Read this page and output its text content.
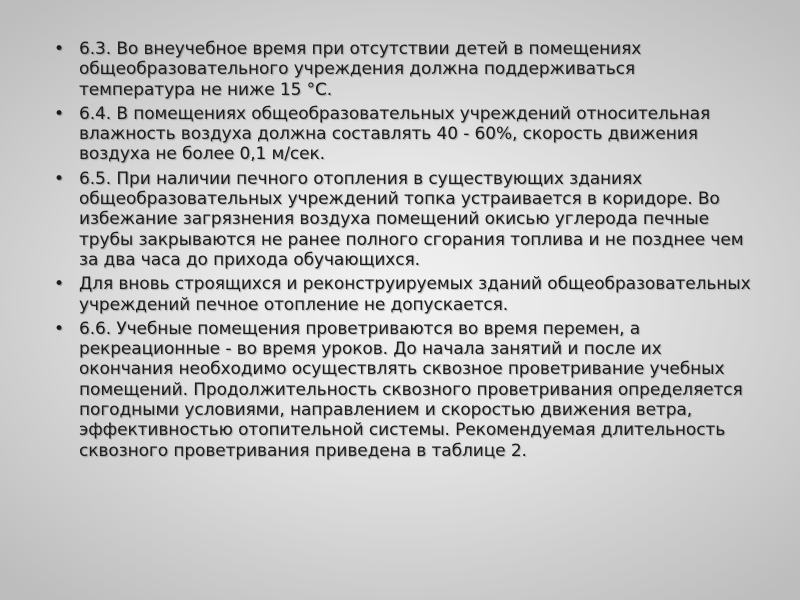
• 6.3. Во внеучебное время при отсутствии детей в помещениях общеобразовательного учреждения должна поддерживаться температура не ниже 15 °С.
• 6.4. В помещениях общеобразовательных учреждений относительная влажность воздуха должна составлять 40 - 60%, скорость движения воздуха не более 0,1 м/сек.
• 6.5. При наличии печного отопления в существующих зданиях общеобразовательных учреждений топка устраивается в коридоре. Во избежание загрязнения воздуха помещений окисью углерода печные трубы закрываются не ранее полного сгорания топлива и не позднее чем за два часа до прихода обучающихся.
• Для вновь строящихся и реконструируемых зданий общеобразовательных учреждений печное отопление не допускается.
• 6.6. Учебные помещения проветриваются во время перемен, а рекреационные - во время уроков. До начала занятий и после их окончания необходимо осуществлять сквозное проветривание учебных помещений. Продолжительность сквозного проветривания определяется погодными условиями, направлением и скоростью движения ветра, эффективностью отопительной системы. Рекомендуемая длительность сквозного проветривания приведена в таблице 2.
